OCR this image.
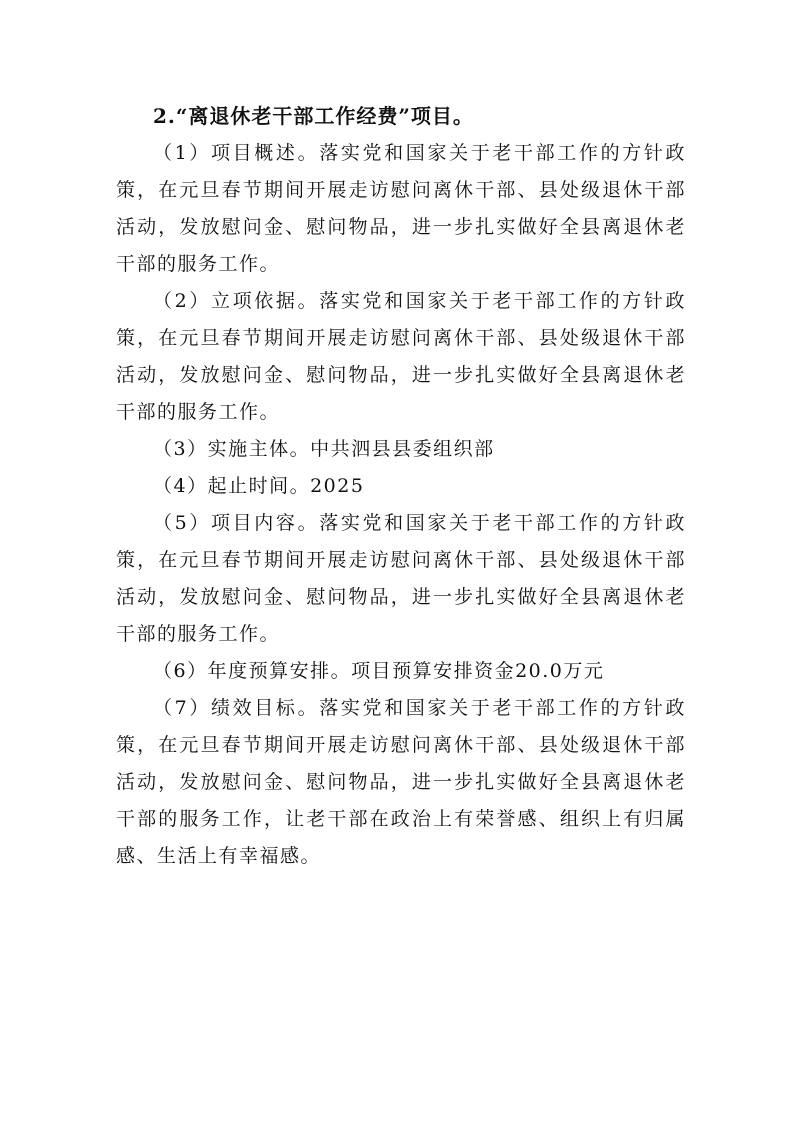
2.“离退休老干部工作经费”项目。

（1）项目概述。落实党和国家关于老干部工作的方针政策，在元旦春节期间开展走访慰问离休干部、县处级退休干部活动，发放慰问金、慰问物品，进一步扎实做好全县离退休老干部的服务工作。

（2）立项依据。落实党和国家关于老干部工作的方针政策，在元旦春节期间开展走访慰问离休干部、县处级退休干部活动，发放慰问金、慰问物品，进一步扎实做好全县离退休老干部的服务工作。

（3）实施主体。中共泗县县委组织部

（4）起止时间。2025

（5）项目内容。落实党和国家关于老干部工作的方针政策，在元旦春节期间开展走访慰问离休干部、县处级退休干部活动，发放慰问金、慰问物品，进一步扎实做好全县离退休老干部的服务工作。

（6）年度预算安排。项目预算安排资金20.0万元

（7）绩效目标。落实党和国家关于老干部工作的方针政策，在元旦春节期间开展走访慰问离休干部、县处级退休干部活动，发放慰问金、慰问物品，进一步扎实做好全县离退休老干部的服务工作，让老干部在政治上有荣誉感、组织上有归属感、生活上有幸福感。
